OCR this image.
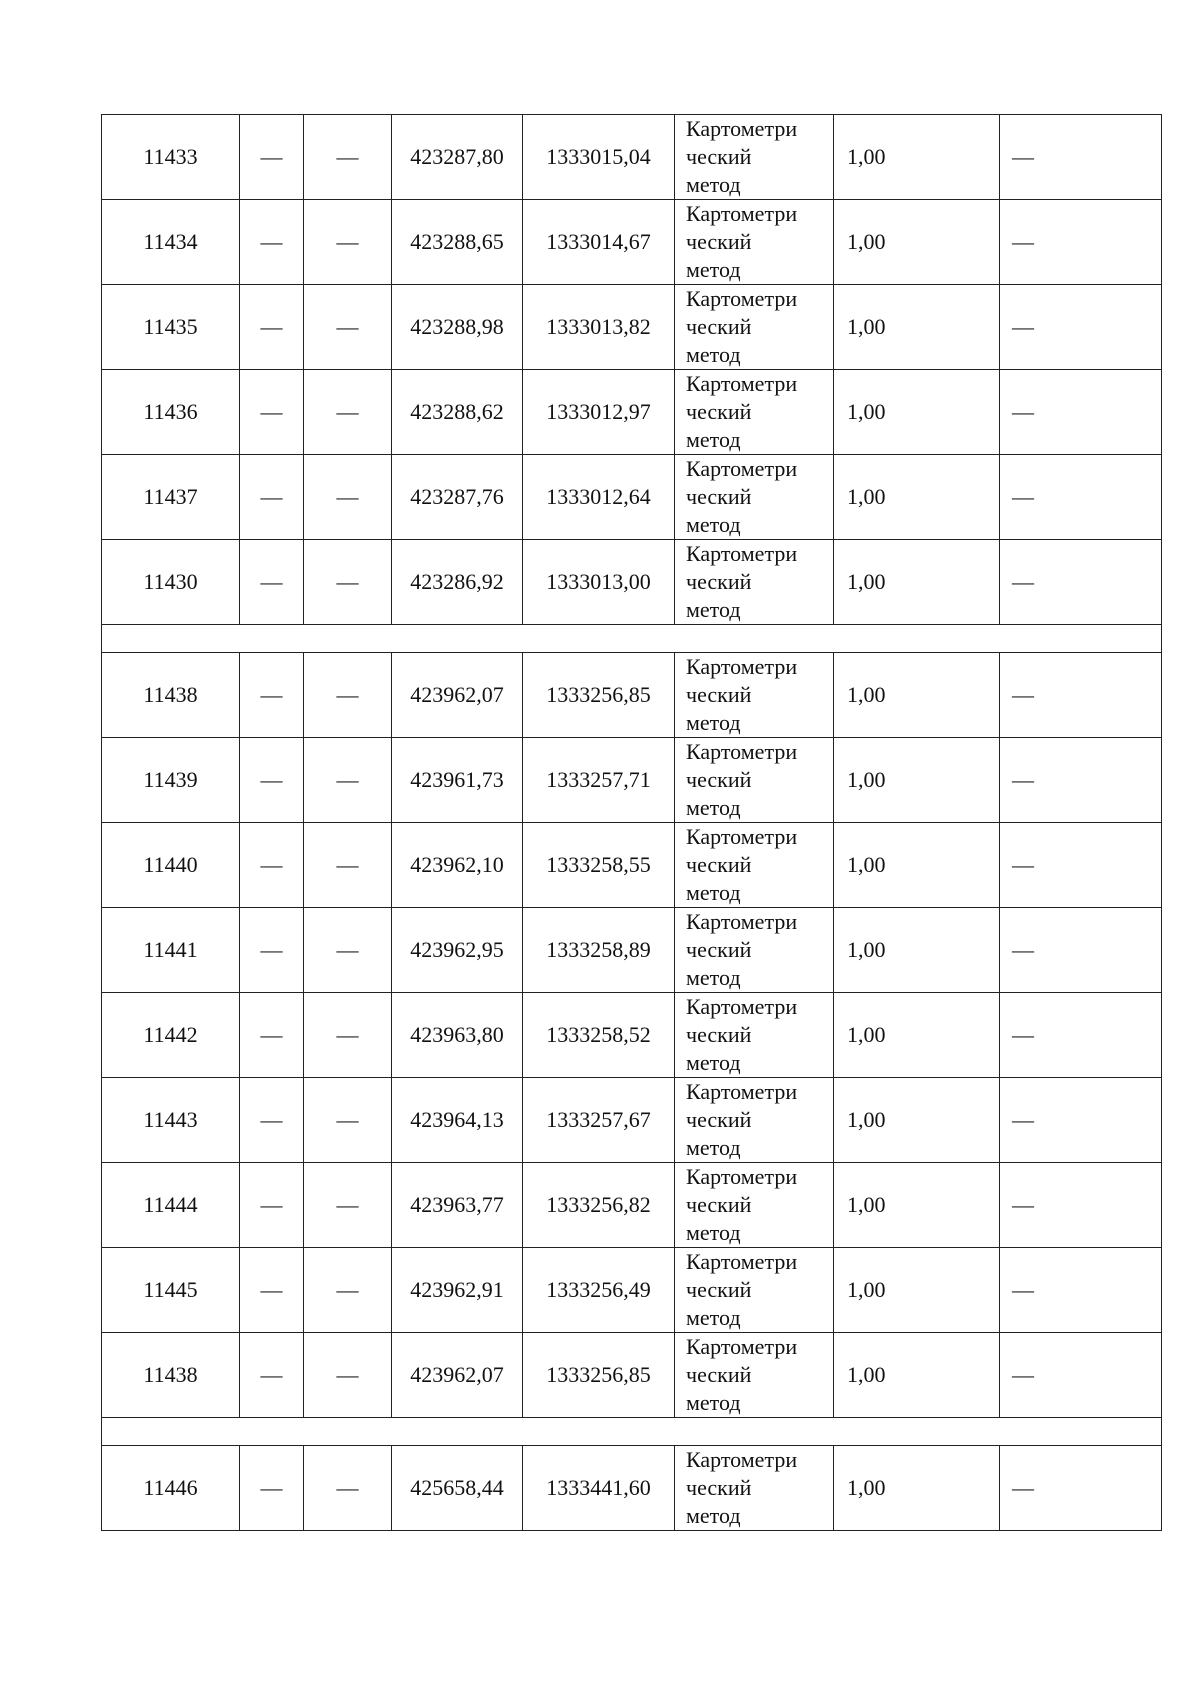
11433	—	—	423287,80	1333015,04	Картометри
ческий
метод	1,00	—
11434	—	—	423288,65	1333014,67	Картометри
ческий
метод	1,00	—
11435	—	—	423288,98	1333013,82	Картометри
ческий
метод	1,00	—
11436	—	—	423288,62	1333012,97	Картометри
ческий
метод	1,00	—
11437	—	—	423287,76	1333012,64	Картометри
ческий
метод	1,00	—
11430	—	—	423286,92	1333013,00	Картометри
ческий
метод	1,00	—

11438	—	—	423962,07	1333256,85	Картометри
ческий
метод	1,00	—
11439	—	—	423961,73	1333257,71	Картометри
ческий
метод	1,00	—
11440	—	—	423962,10	1333258,55	Картометри
ческий
метод	1,00	—
11441	—	—	423962,95	1333258,89	Картометри
ческий
метод	1,00	—
11442	—	—	423963,80	1333258,52	Картометри
ческий
метод	1,00	—
11443	—	—	423964,13	1333257,67	Картометри
ческий
метод	1,00	—
11444	—	—	423963,77	1333256,82	Картометри
ческий
метод	1,00	—
11445	—	—	423962,91	1333256,49	Картометри
ческий
метод	1,00	—
11438	—	—	423962,07	1333256,85	Картометри
ческий
метод	1,00	—

11446	—	—	425658,44	1333441,60	Картометри
ческий
метод	1,00	—
